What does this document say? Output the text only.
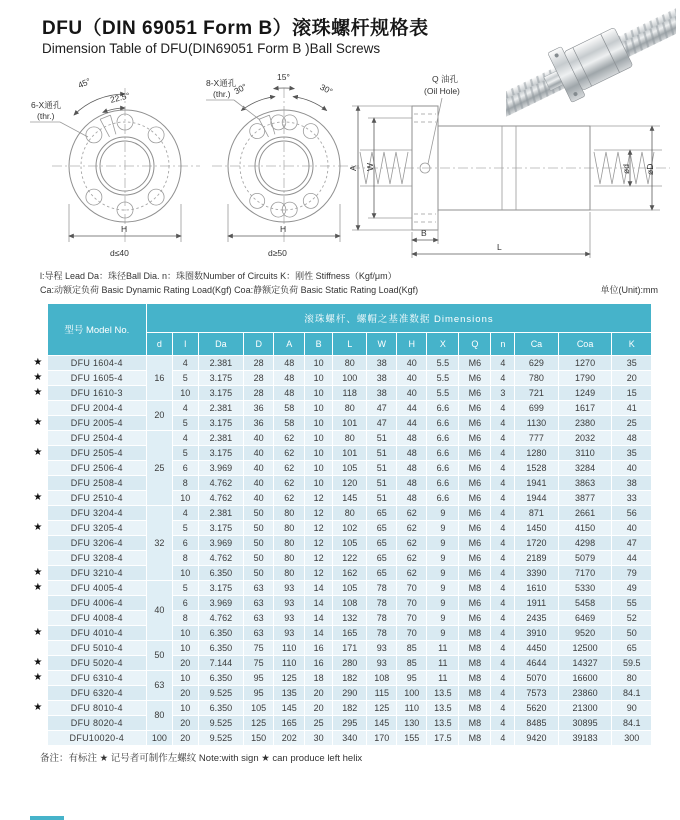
DFU（DIN 69051 Form B）滚珠螺杆规格表
Dimension Table of DFU(DIN69051 Form B )Ball Screws
45°
22.5°
6-X通孔
(thr.)
H
d≤40
30°
15°
30°
8-X通孔
(thr.)
H
d≥50
Q 油孔
(Oil Hole)
A W
B
L
ød øD
l:导程 Lead Da：珠径Ball Dia. n：珠圈数Number of Circuits K：刚性 Stiffness（Kgf/μm）
Ca:动额定负荷 Basic Dynamic Rating Load(Kgf) Coa:静额定负荷 Basic Static Rating Load(Kgf)	单位(Unit):mm
	型号 Model No.	滚珠螺杆、螺帽之基准数据 Dimensions														
		d	l	Da	D	A	B	L	W	H	X	Q	n	Ca	Coa	K
★	DFU 1604-4	16	4	2.381	28	48	10	80	38	40	5.5	M6	4	629	1270	35
★	DFU 1605-4		5	3.175	28	48	10	100	38	40	5.5	M6	4	780	1790	20
★	DFU 1610-3		10	3.175	28	48	10	118	38	40	5.5	M6	3	721	1249	15
	DFU 2004-4	20	4	2.381	36	58	10	80	47	44	6.6	M6	4	699	1617	41
★	DFU 2005-4		5	3.175	36	58	10	101	47	44	6.6	M6	4	1130	2380	25
	DFU 2504-4	25	4	2.381	40	62	10	80	51	48	6.6	M6	4	777	2032	48
★	DFU 2505-4		5	3.175	40	62	10	101	51	48	6.6	M6	4	1280	3110	35
	DFU 2506-4		6	3.969	40	62	10	105	51	48	6.6	M6	4	1528	3284	40
	DFU 2508-4		8	4.762	40	62	10	120	51	48	6.6	M6	4	1941	3863	38
★	DFU 2510-4		10	4.762	40	62	12	145	51	48	6.6	M6	4	1944	3877	33
	DFU 3204-4	32	4	2.381	50	80	12	80	65	62	9	M6	4	871	2661	56
★	DFU 3205-4		5	3.175	50	80	12	102	65	62	9	M6	4	1450	4150	40
	DFU 3206-4		6	3.969	50	80	12	105	65	62	9	M6	4	1720	4298	47
	DFU 3208-4		8	4.762	50	80	12	122	65	62	9	M6	4	2189	5079	44
★	DFU 3210-4		10	6.350	50	80	12	162	65	62	9	M6	4	3390	7170	79
★	DFU 4005-4	40	5	3.175	63	93	14	105	78	70	9	M8	4	1610	5330	49
	DFU 4006-4		6	3.969	63	93	14	108	78	70	9	M6	4	1911	5458	55
	DFU 4008-4		8	4.762	63	93	14	132	78	70	9	M6	4	2435	6469	52
★	DFU 4010-4		10	6.350	63	93	14	165	78	70	9	M8	4	3910	9520	50
	DFU 5010-4	50	10	6.350	75	110	16	171	93	85	11	M8	4	4450	12500	65
★	DFU 5020-4		20	7.144	75	110	16	280	93	85	11	M8	4	4644	14327	59.5
★	DFU 6310-4	63	10	6.350	95	125	18	182	108	95	11	M8	4	5070	16600	80
	DFU 6320-4		20	9.525	95	135	20	290	115	100	13.5	M8	4	7573	23860	84.1
★	DFU 8010-4	80	10	6.350	105	145	20	182	125	110	13.5	M8	4	5620	21300	90
	DFU 8020-4		20	9.525	125	165	25	295	145	130	13.5	M8	4	8485	30895	84.1
	DFU10020-4	100	20	9.525	150	202	30	340	170	155	17.5	M8	4	9420	39183	300
备注：有标注 ★ 记号者可制作左螺纹 Note:with sign ★ can produce left helix
